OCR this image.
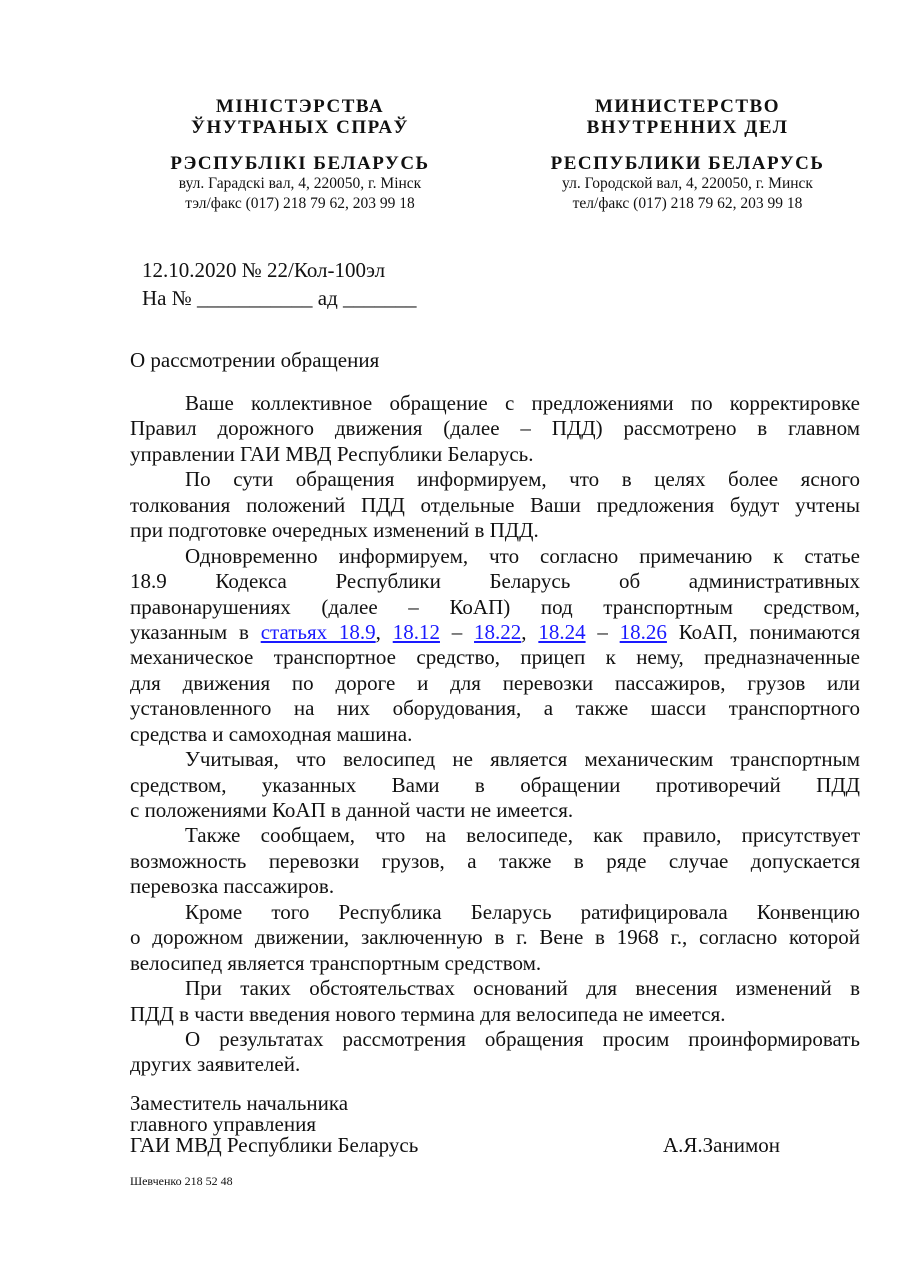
МІНІСТЭРСТВА
ЎНУТРАНЫХ СПРАЎ
РЭСПУБЛІКІ БЕЛАРУСЬ
вул. Гарадскі вал, 4, 220050, г. Мінск
тэл/факс (017) 218 79 62, 203 99 18
МИНИСТЕРСТВО
ВНУТРЕННИХ ДЕЛ
РЕСПУБЛИКИ БЕЛАРУСЬ
ул. Городской вал, 4, 220050, г. Минск
тел/факс (017) 218 79 62, 203 99 18
12.10.2020 № 22/Кол-100эл
На № ___________ ад _______
О рассмотрении обращения
Ваше коллективное обращение с предложениями по корректировке
Правил дорожного движения (далее – ПДД) рассмотрено в главном
управлении ГАИ МВД Республики Беларусь.
По сути обращения информируем, что в целях более ясного
толкования положений ПДД отдельные Ваши предложения будут учтены
при подготовке очередных изменений в ПДД.
Одновременно информируем, что согласно примечанию к статье
18.9 Кодекса Республики Беларусь об административных
правонарушениях (далее – КоАП) под транспортным средством,
указанным в статьях 18.9, 18.12 – 18.22, 18.24 – 18.26 КоАП, понимаются
механическое транспортное средство, прицеп к нему, предназначенные
для движения по дороге и для перевозки пассажиров, грузов или
установленного на них оборудования, а также шасси транспортного
средства и самоходная машина.
Учитывая, что велосипед не является механическим транспортным
средством, указанных Вами в обращении противоречий ПДД
с положениями КоАП в данной части не имеется.
Также сообщаем, что на велосипеде, как правило, присутствует
возможность перевозки грузов, а также в ряде случае допускается
перевозка пассажиров.
Кроме того Республика Беларусь ратифицировала Конвенцию
о дорожном движении, заключенную в г. Вене в 1968 г., согласно которой
велосипед является транспортным средством.
При таких обстоятельствах оснований для внесения изменений в
ПДД в части введения нового термина для велосипеда не имеется.
О результатах рассмотрения обращения просим проинформировать
других заявителей.
Заместитель начальника
главного управления
ГАИ МВД Республики Беларусь	А.Я.Занимон
Шевченко 218 52 48
